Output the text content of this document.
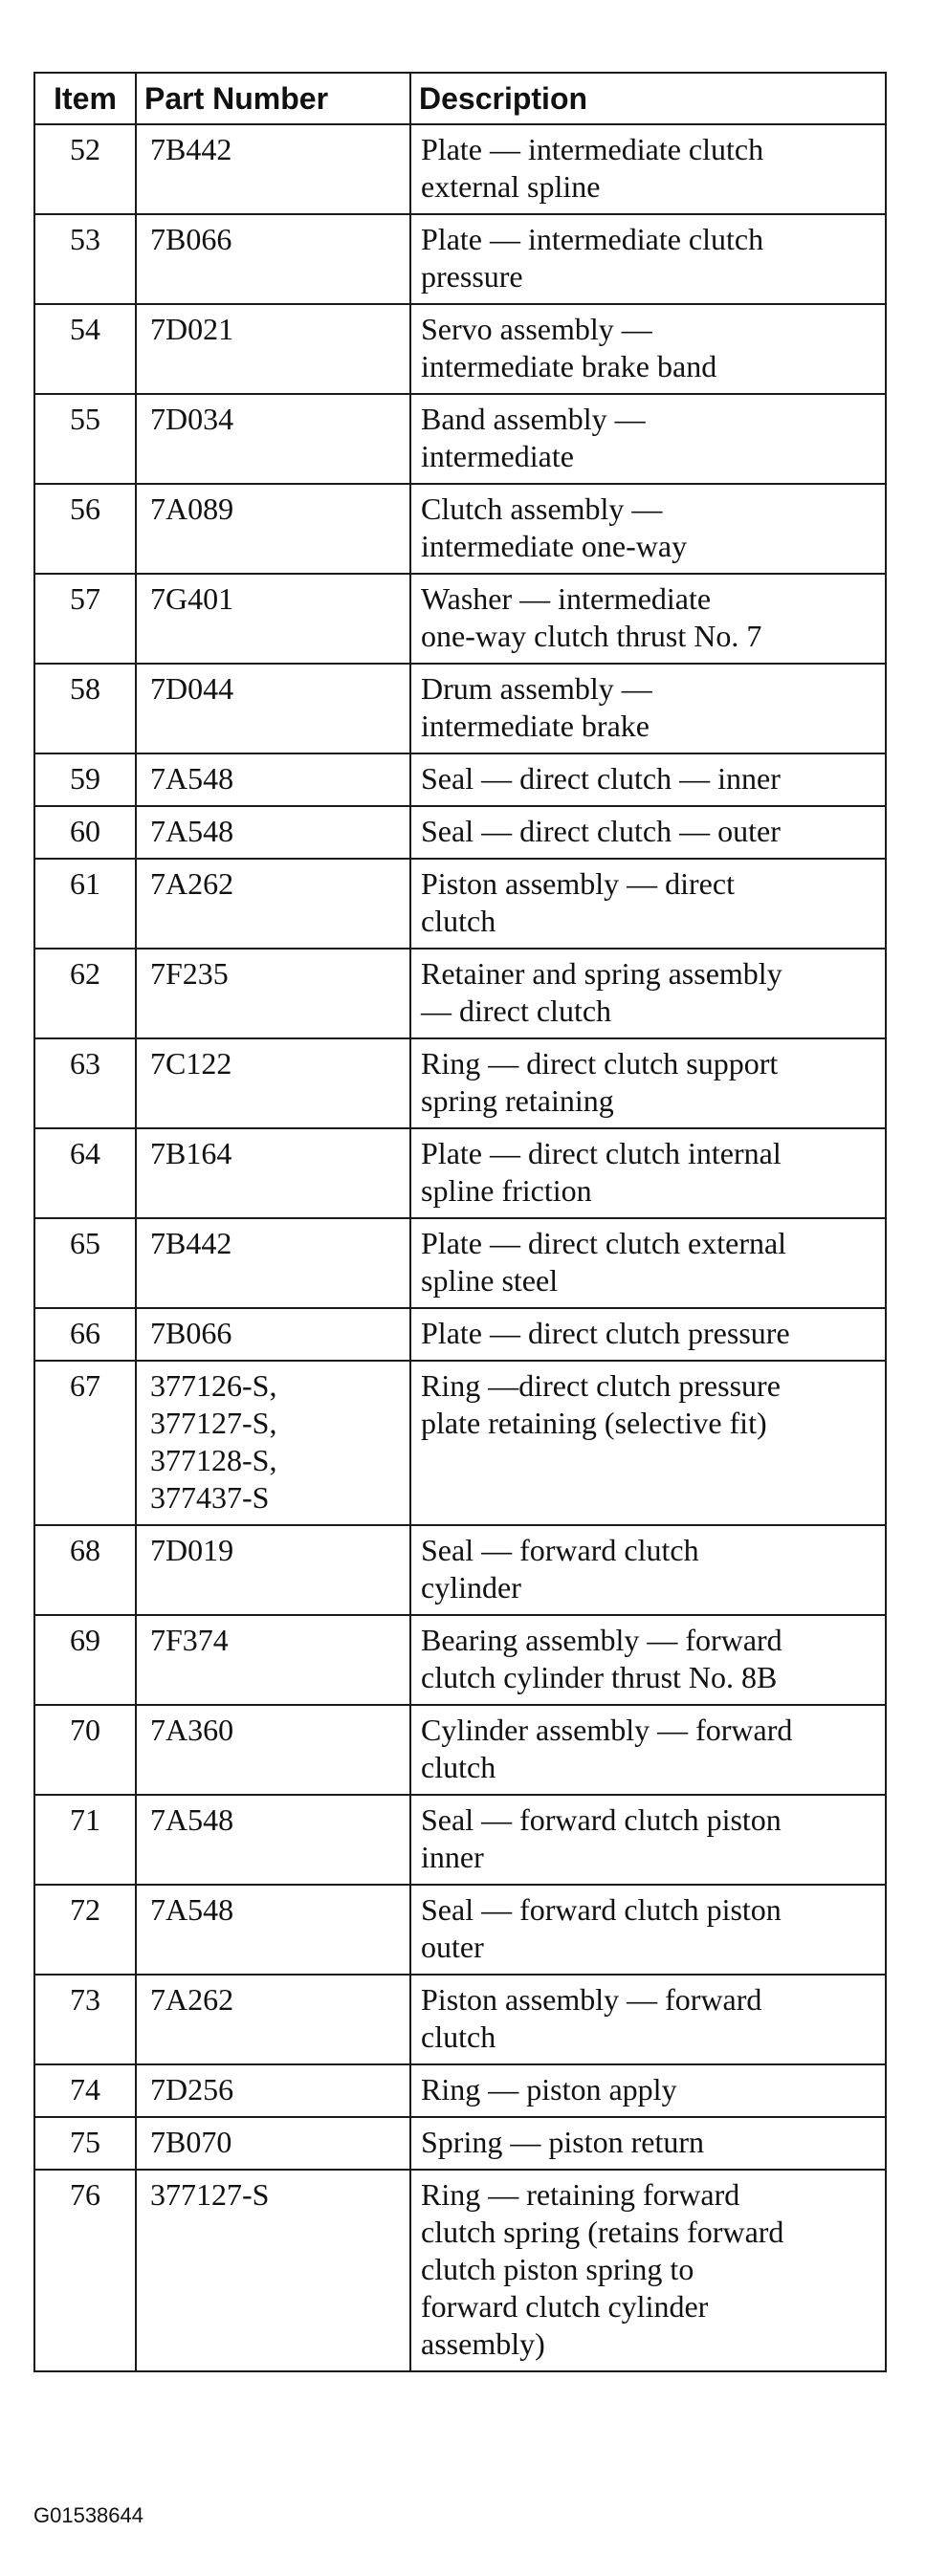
Item	Part Number	Description
52	7B442	Plate — intermediate clutch
external spline

53	7B066	Plate — intermediate clutch
pressure

54	7D021	Servo assembly —
intermediate brake band

55	7D034	Band assembly —
intermediate

56	7A089	Clutch assembly —
intermediate one-way

57	7G401	Washer — intermediate
one-way clutch thrust No. 7

58	7D044	Drum assembly —
intermediate brake

59	7A548	Seal — direct clutch — inner

60	7A548	Seal — direct clutch — outer

61	7A262	Piston assembly — direct
clutch

62	7F235	Retainer and spring assembly
— direct clutch

63	7C122	Ring — direct clutch support
spring retaining

64	7B164	Plate — direct clutch internal
spline friction

65	7B442	Plate — direct clutch external
spline steel

66	7B066	Plate — direct clutch pressure

67	377126-S,
377127-S,
377128-S,
377437-S	Ring —direct clutch pressure
plate retaining (selective fit)

68	7D019	Seal — forward clutch
cylinder

69	7F374	Bearing assembly — forward
clutch cylinder thrust No. 8B

70	7A360	Cylinder assembly — forward
clutch

71	7A548	Seal — forward clutch piston
inner

72	7A548	Seal — forward clutch piston
outer

73	7A262	Piston assembly — forward
clutch

74	7D256	Ring — piston apply

75	7B070	Spring — piston return

76	377127-S	Ring — retaining forward
clutch spring (retains forward
clutch piston spring to
forward clutch cylinder
assembly)
G01538644
